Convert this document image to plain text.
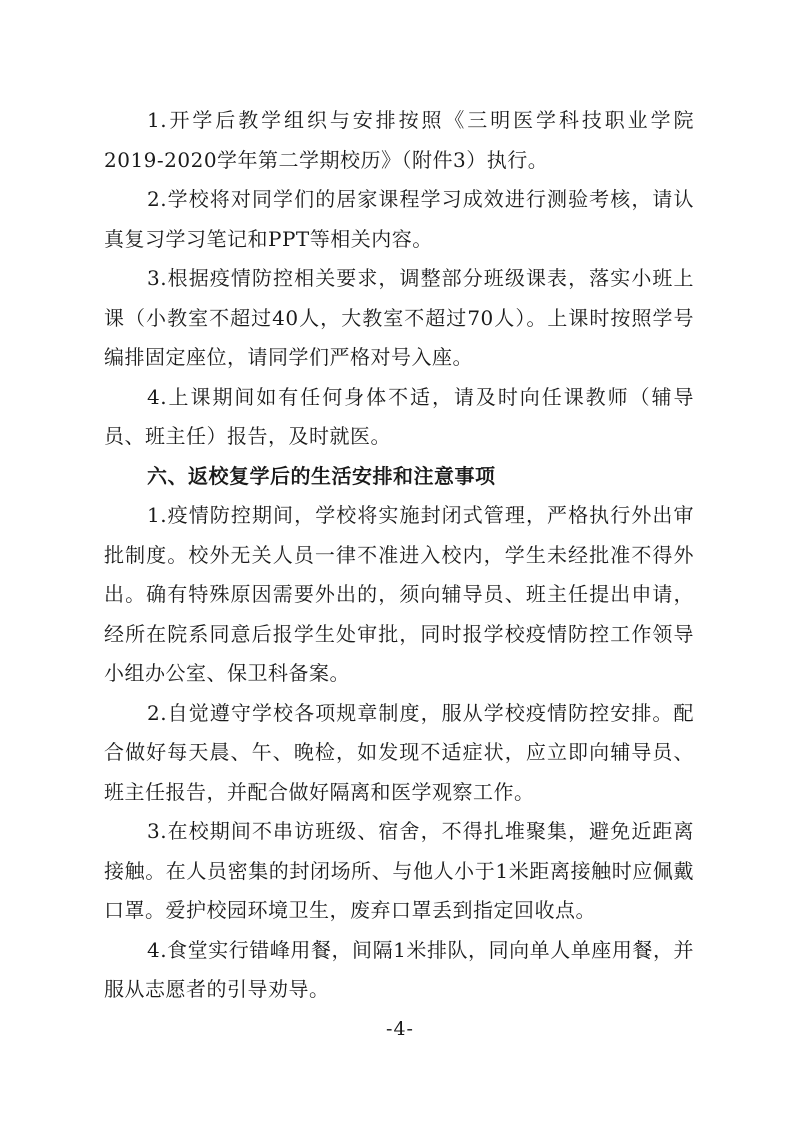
1.开学后教学组织与安排按照《三明医学科技职业学院2019-2020学年第二学期校历》（附件3）执行。

2.学校将对同学们的居家课程学习成效进行测验考核，请认真复习学习笔记和PPT等相关内容。

3.根据疫情防控相关要求，调整部分班级课表，落实小班上课（小教室不超过40人，大教室不超过70人）。上课时按照学号编排固定座位，请同学们严格对号入座。

4.上课期间如有任何身体不适，请及时向任课教师（辅导员、班主任）报告，及时就医。

六、返校复学后的生活安排和注意事项

1.疫情防控期间，学校将实施封闭式管理，严格执行外出审批制度。校外无关人员一律不准进入校内，学生未经批准不得外出。确有特殊原因需要外出的，须向辅导员、班主任提出申请，经所在院系同意后报学生处审批，同时报学校疫情防控工作领导小组办公室、保卫科备案。

2.自觉遵守学校各项规章制度，服从学校疫情防控安排。配合做好每天晨、午、晚检，如发现不适症状，应立即向辅导员、班主任报告，并配合做好隔离和医学观察工作。

3.在校期间不串访班级、宿舍，不得扎堆聚集，避免近距离接触。在人员密集的封闭场所、与他人小于1米距离接触时应佩戴口罩。爱护校园环境卫生，废弃口罩丢到指定回收点。

4.食堂实行错峰用餐，间隔1米排队，同向单人单座用餐，并服从志愿者的引导劝导。

-4-
